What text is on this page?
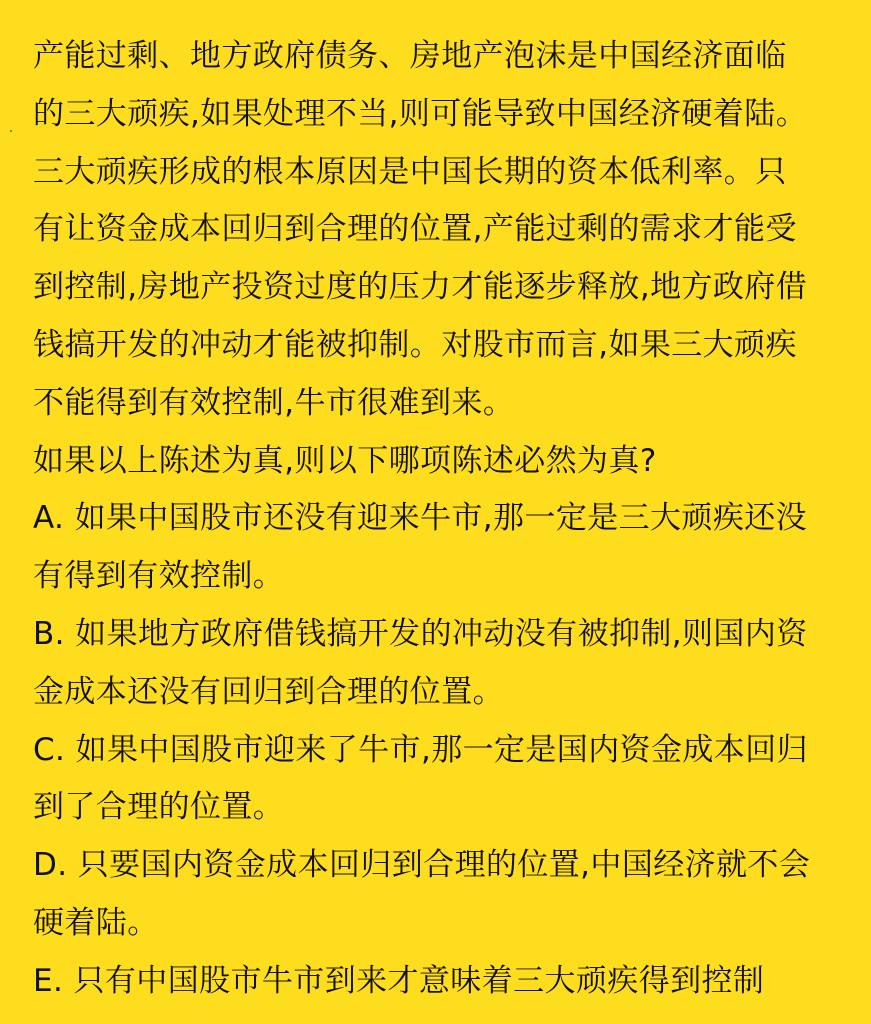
产能过剩、地方政府债务、房地产泡沫是中国经济面临
的三大顽疾,如果处理不当,则可能导致中国经济硬着陆。
三大顽疾形成的根本原因是中国长期的资本低利率。只
有让资金成本回归到合理的位置,产能过剩的需求才能受
到控制,房地产投资过度的压力才能逐步释放,地方政府借
钱搞开发的冲动才能被抑制。对股市而言,如果三大顽疾
不能得到有效控制,牛市很难到来。
如果以上陈述为真,则以下哪项陈述必然为真?
A. 如果中国股市还没有迎来牛市,那一定是三大顽疾还没
有得到有效控制。
B. 如果地方政府借钱搞开发的冲动没有被抑制,则国内资
金成本还没有回归到合理的位置。
C. 如果中国股市迎来了牛市,那一定是国内资金成本回归
到了合理的位置。
D. 只要国内资金成本回归到合理的位置,中国经济就不会
硬着陆。
E. 只有中国股市牛市到来才意味着三大顽疾得到控制
